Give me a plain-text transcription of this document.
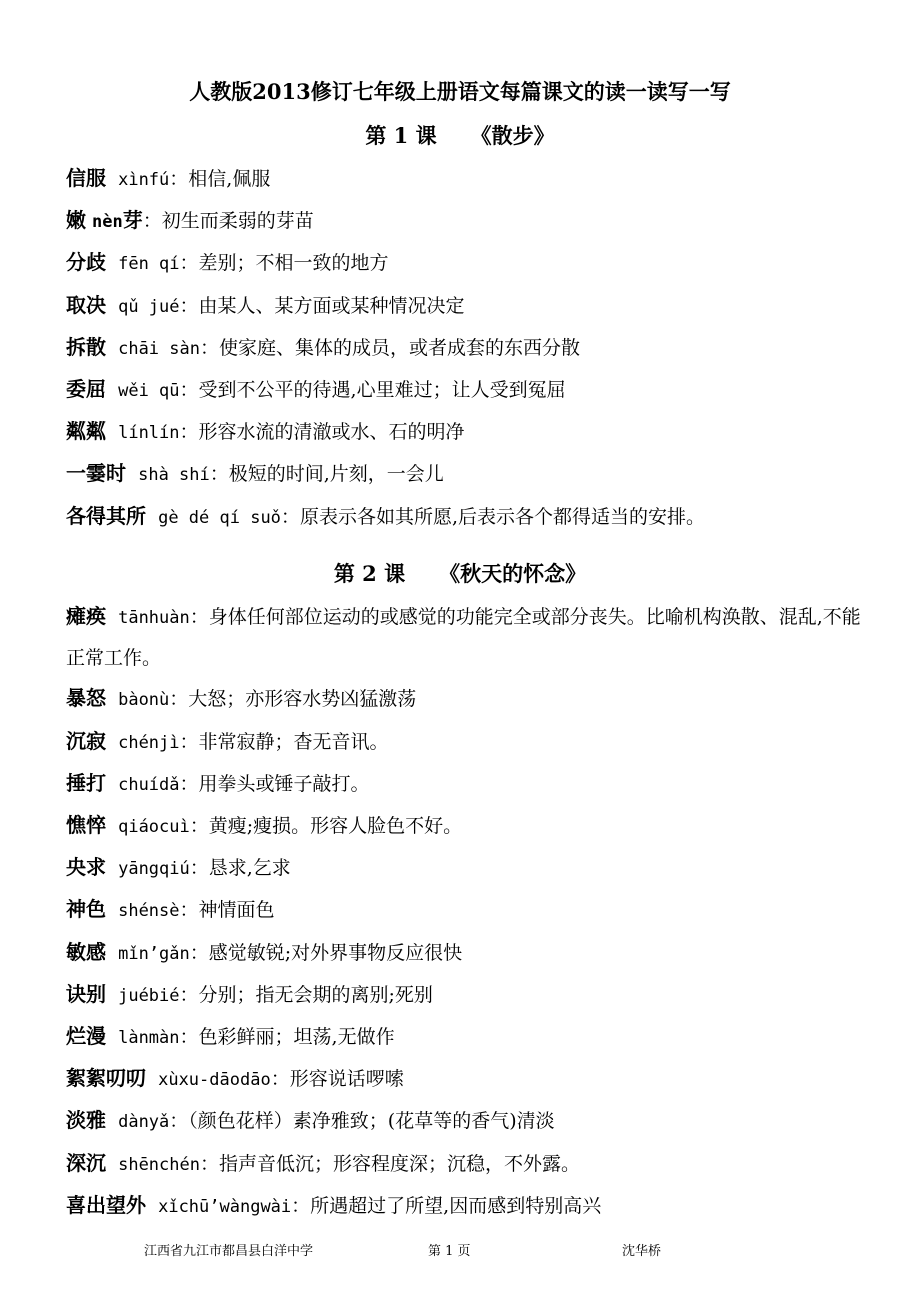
人教版2013修订七年级上册语文每篇课文的读一读写一写
第 1 课 《散步》
信服 xìnfú：相信,佩服
嫩 nèn芽：初生而柔弱的芽苗
分歧 fēn qí：差别；不相一致的地方
取决 qǔ jué：由某人、某方面或某种情况决定
拆散 chāi sàn：使家庭、集体的成员，或者成套的东西分散
委屈 wěi qū：受到不公平的待遇,心里难过；让人受到冤屈
粼粼 línlín：形容水流的清澈或水、石的明净
一霎时 shà shí：极短的时间,片刻，一会儿
各得其所 gè dé qí suǒ：原表示各如其所愿,后表示各个都得适当的安排。
第 2 课 《秋天的怀念》
瘫痪 tānhuàn：身体任何部位运动的或感觉的功能完全或部分丧失。比喻机构涣散、混乱,不能正常工作。
暴怒 bàonù：大怒；亦形容水势凶猛激荡
沉寂 chénjì：非常寂静；杳无音讯。
捶打 chuídǎ：用拳头或锤子敲打。
憔悴 qiáocuì：黄瘦;瘦损。形容人脸色不好。
央求 yāngqiú：恳求,乞求
神色 shénsè：神情面色
敏感 mǐn’gǎn：感觉敏锐;对外界事物反应很快
诀别 juébié：分别；指无会期的离别;死别
烂漫 lànmàn：色彩鲜丽；坦荡,无做作
絮絮叨叨 xùxu-dāodāo：形容说话啰嗦
淡雅 dànyǎ：（颜色花样）素净雅致；(花草等的香气)清淡
深沉 shēnchén：指声音低沉；形容程度深；沉稳，不外露。
喜出望外 xǐchū’wàngwài：所遇超过了所望,因而感到特别高兴
江西省九江市都昌县白洋中学	第 1 页	沈华桥
